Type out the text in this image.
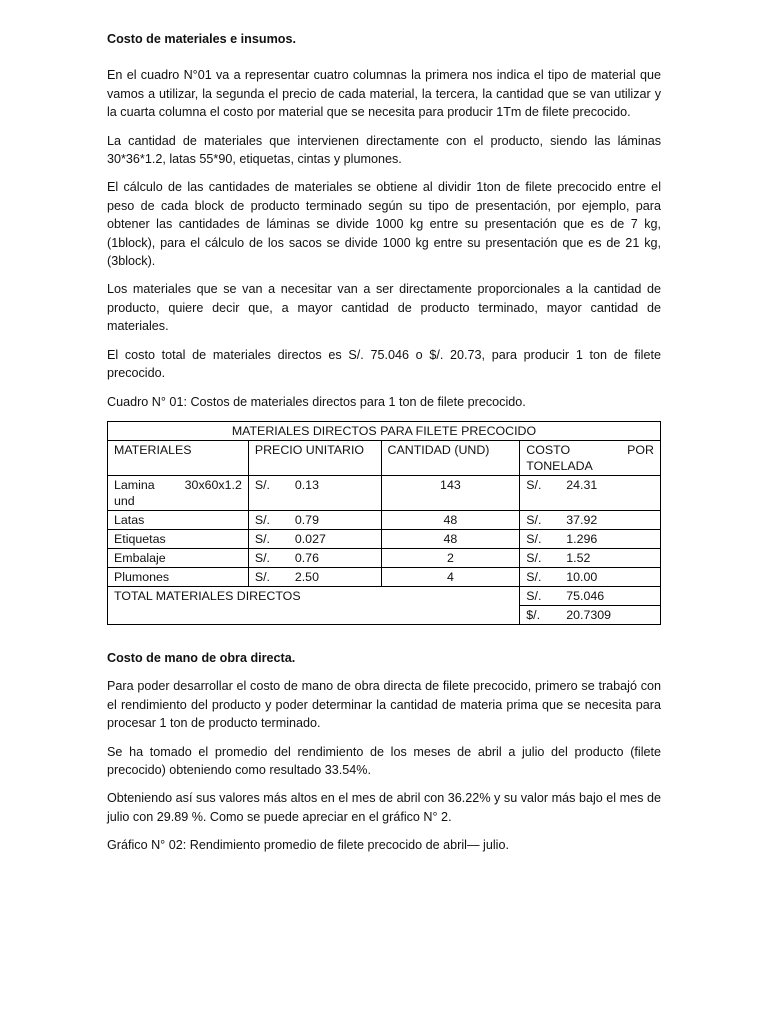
Costo de materiales e insumos.

En el cuadro N°01 va a representar cuatro columnas la primera nos indica el tipo de material que vamos a utilizar, la segunda el precio de cada material, la tercera, la cantidad que se van utilizar y la cuarta columna el costo por material que se necesita para producir 1Tm de filete precocido.

La cantidad de materiales que intervienen directamente con el producto, siendo las láminas 30*36*1.2, latas 55*90, etiquetas, cintas y plumones.

El cálculo de las cantidades de materiales se obtiene al dividir 1ton de filete precocido entre el peso de cada block de producto terminado según su tipo de presentación, por ejemplo, para obtener las cantidades de láminas se divide 1000 kg entre su presentación que es de 7 kg, (1block), para el cálculo de los sacos se divide 1000 kg entre su presentación que es de 21 kg, (3block).

Los materiales que se van a necesitar van a ser directamente proporcionales a la cantidad de producto, quiere decir que, a mayor cantidad de producto terminado, mayor cantidad de materiales.

El costo total de materiales directos es S/. 75.046 o $/. 20.73, para producir 1 ton de filete precocido.

Cuadro N° 01: Costos de materiales directos para 1 ton de filete precocido.

MATERIALES DIRECTOS PARA FILETE PRECOCIDO			
MATERIALES	PRECIO UNITARIO	CANTIDAD (UND)	COSTO POR
TONELADA

Lamina 30x60x1.2
und	S/. 0.13	143	S/. 24.31
Latas	S/. 0.79	48	S/. 37.92
Etiquetas	S/. 0.027	48	S/. 1.296
Embalaje	S/. 0.76	2	S/. 1.52
Plumones	S/. 2.50	4	S/. 10.00
TOTAL MATERIALES DIRECTOS			S/. 75.046
			$/. 20.7309
Costo de mano de obra directa.

Para poder desarrollar el costo de mano de obra directa de filete precocido, primero se trabajó con el rendimiento del producto y poder determinar la cantidad de materia prima que se necesita para procesar 1 ton de producto terminado.

Se ha tomado el promedio del rendimiento de los meses de abril a julio del producto (filete precocido) obteniendo como resultado 33.54%.

Obteniendo así sus valores más altos en el mes de abril con 36.22% y su valor más bajo el mes de julio con 29.89 %. Como se puede apreciar en el gráfico N° 2.

Gráfico N° 02: Rendimiento promedio de filete precocido de abril— julio.
